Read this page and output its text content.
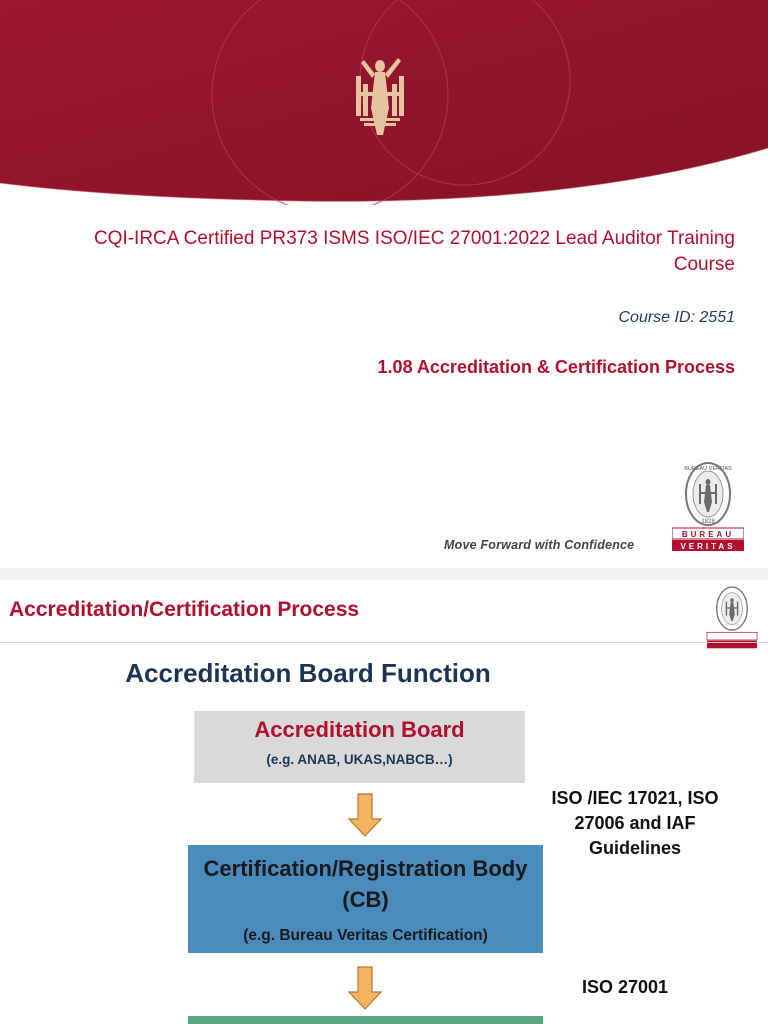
CQI-IRCA Certified PR373 ISMS ISO/IEC 27001:2022 Lead Auditor Training Course
Course ID: 2551
1.08 Accreditation & Certification Process
Move Forward with Confidence
BUREAU VERITAS
1828
BUREAU
VERITAS
Accreditation/Certification Process
Accreditation Board Function
Accreditation Board
(e.g. ANAB, UKAS,NABCB…)
Certification/Registration Body (CB)
(e.g. Bureau Veritas Certification)
ISO /IEC 17021, ISO 27006 and IAF Guidelines
ISO 27001
